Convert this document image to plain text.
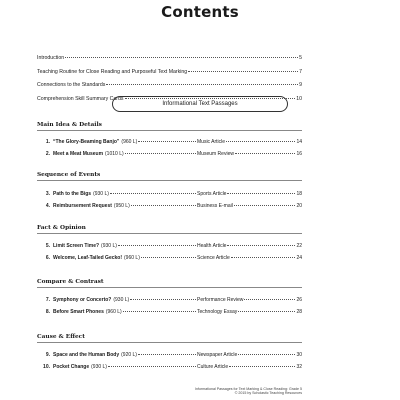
Contents
Introduction	5
Teaching Routine for Close Reading and Purposeful Text Marking	7
Connections to the Standards	9
Comprehension Skill Summary Cards	10
Informational Text Passages
Main Idea & Details
1. “The Glory-Beaming Banjo” (960 L)	Music Article	14
2. Meet a Meat Museum (1010 L)	Museum Review	16
Sequence of Events
3. Path to the Bigs (930 L)	Sports Article	18
4. Reimbursement Request (950 L)	Business E-mail	20
Fact & Opinion
5. Limit Screen Time? (930 L)	Health Article	22
6. Welcome, Leaf-Tailed Gecko! (960 L)	Science Article	24
Compare & Contrast
7. Symphony or Concerto? (930 L)	Performance Review	26
8. Before Smart Phones (960 L)	Technology Essay	28
Cause & Effect
9. Space and the Human Body (920 L)	Newspaper Article	30
10. Pocket Change (930 L)	Culture Article	32
Informational Passages for Text Marking & Close Reading: Grade 5
© 2015 by Scholastic Teaching Resources
